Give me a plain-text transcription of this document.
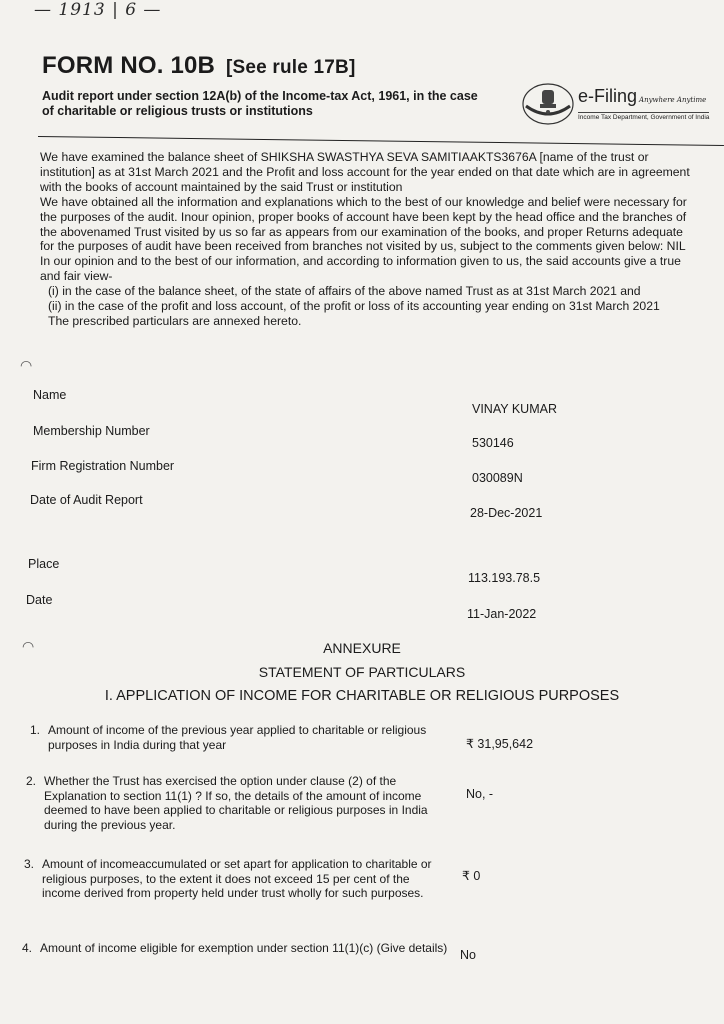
— 1913 | 6 —
FORM NO. 10B [See rule 17B]
Audit report under section 12A(b) of the Income-tax Act, 1961, in the case of charitable or religious trusts or institutions
e-Filing Anywhere Anytime
Income Tax Department, Government of India

We have examined the balance sheet of SHIKSHA SWASTHYA SEVA SAMITIAAKTS3676A [name of the trust or institution] as at 31st March 2021 and the Profit and loss account for the year ended on that date which are in agreement with the books of account maintained by the said Trust or institution

We have obtained all the information and explanations which to the best of our knowledge and belief were necessary for the purposes of the audit. Inour opinion, proper books of account have been kept by the head office and the branches of the abovenamed Trust visited by us so far as appears from our examination of the books, and proper Returns adequate for the purposes of audit have been received from branches not visited by us, subject to the comments given below: NIL

In our opinion and to the best of our information, and according to information given to us, the said accounts give a true and fair view-

(i) in the case of the balance sheet, of the state of affairs of the above named Trust as at 31st March 2021 and

(ii) in the case of the profit and loss account, of the profit or loss of its accounting year ending on 31st March 2021

The prescribed particulars are annexed hereto.

◠
Name
VINAY KUMAR
Membership Number
530146
Firm Registration Number
030089N
Date of Audit Report
28-Dec-2021
Place
113.193.78.5
Date
11-Jan-2022
◠	ANNEXURE
STATEMENT OF PARTICULARS
I. APPLICATION OF INCOME FOR CHARITABLE OR RELIGIOUS PURPOSES
1. Amount of income of the previous year applied to charitable or religious purposes in India during that year	₹ 31,95,642
2. Whether the Trust has exercised the option under clause (2) of the Explanation to section 11(1) ? If so, the details of the amount of income deemed to have been applied to charitable or religious purposes in India during the previous year.
No, -
3. Amount of incomeaccumulated or set apart for application to charitable or religious purposes, to the extent it does not exceed 15 per cent of the income derived from property held under trust wholly for such purposes.
₹ 0
4. Amount of income eligible for exemption under section 11(1)(c) (Give details)	No
